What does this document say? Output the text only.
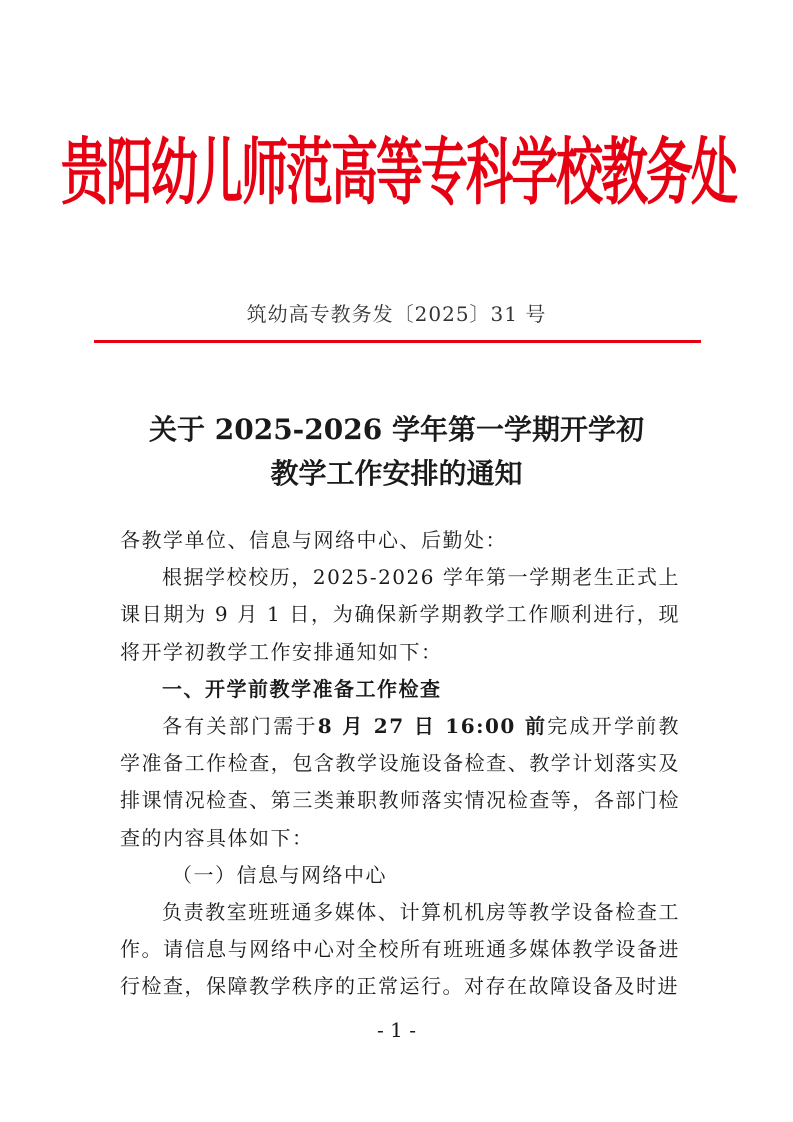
贵阳幼儿师范高等专科学校教务处
筑幼高专教务发〔2025〕31 号
关于 2025-2026 学年第一学期开学初
教学工作安排的通知

各教学单位、信息与网络中心、后勤处：

根据学校校历，2025-2026 学年第一学期老生正式上课日期为 9 月 1 日，为确保新学期教学工作顺利进行，现将开学初教学工作安排通知如下：

一、开学前教学准备工作检查

各有关部门需于8 月 27 日 16:00 前完成开学前教学准备工作检查，包含教学设施设备检查、教学计划落实及排课情况检查、第三类兼职教师落实情况检查等，各部门检查的内容具体如下：

（一）信息与网络中心

负责教室班班通多媒体、计算机机房等教学设备检查工作。请信息与网络中心对全校所有班班通多媒体教学设备进行检查，保障教学秩序的正常运行。对存在故障设备及时进

- 1 -
